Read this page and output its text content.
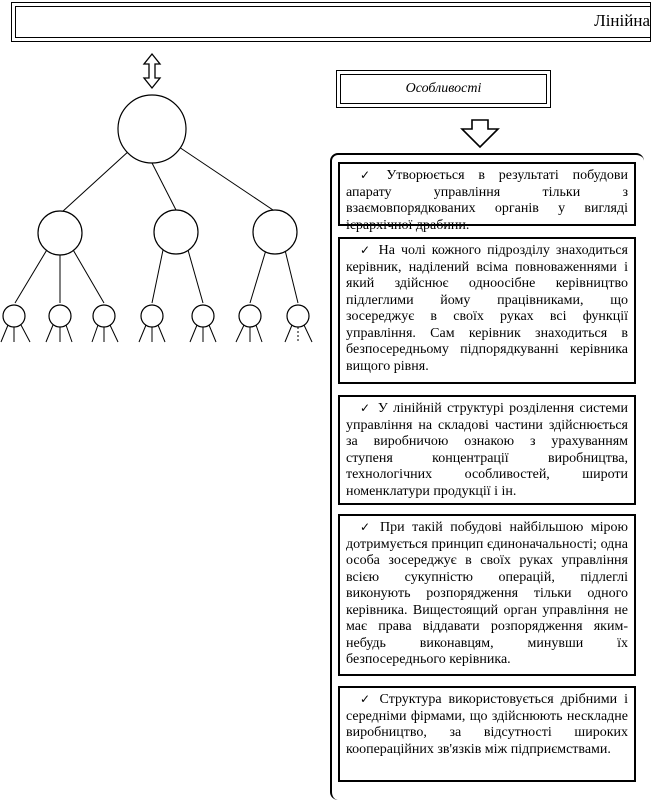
Лінійна
Особливості
✓ Утворюється в результаті побудови апарату управління тільки з взаємовпорядкованих органів у вигляді ієрархічної драбини.
✓ На чолі кожного підрозділу знаходиться керівник, наділений всіма повноваженнями і який здійснює одноосібне керівництво підлеглими йому працівниками, що зосереджує в своїх руках всі функції управління. Сам керівник знаходиться в безпосередньому підпорядкуванні керівника вищого рівня.
✓ У лінійній структурі розділення системи управління на складові частини здійснюється за виробничою ознакою з урахуванням ступеня концентрації виробництва, технологічних особливостей, широти номенклатури продукції і ін.
✓ При такій побудові найбільшою мірою дотримується принцип єдиноначальності; одна особа зосереджує в своїх руках управління всією сукупністю операцій, підлеглі виконують розпорядження тільки одного керівника. Вищестоящий орган управління не має права віддавати розпорядження яким-небудь виконавцям, минувши їх безпосереднього керівника.
✓ Структура використовується дрібними і середніми фірмами, що здійснюють нескладне виробництво, за відсутності широких коопераційних зв'язків між підприємствами.
